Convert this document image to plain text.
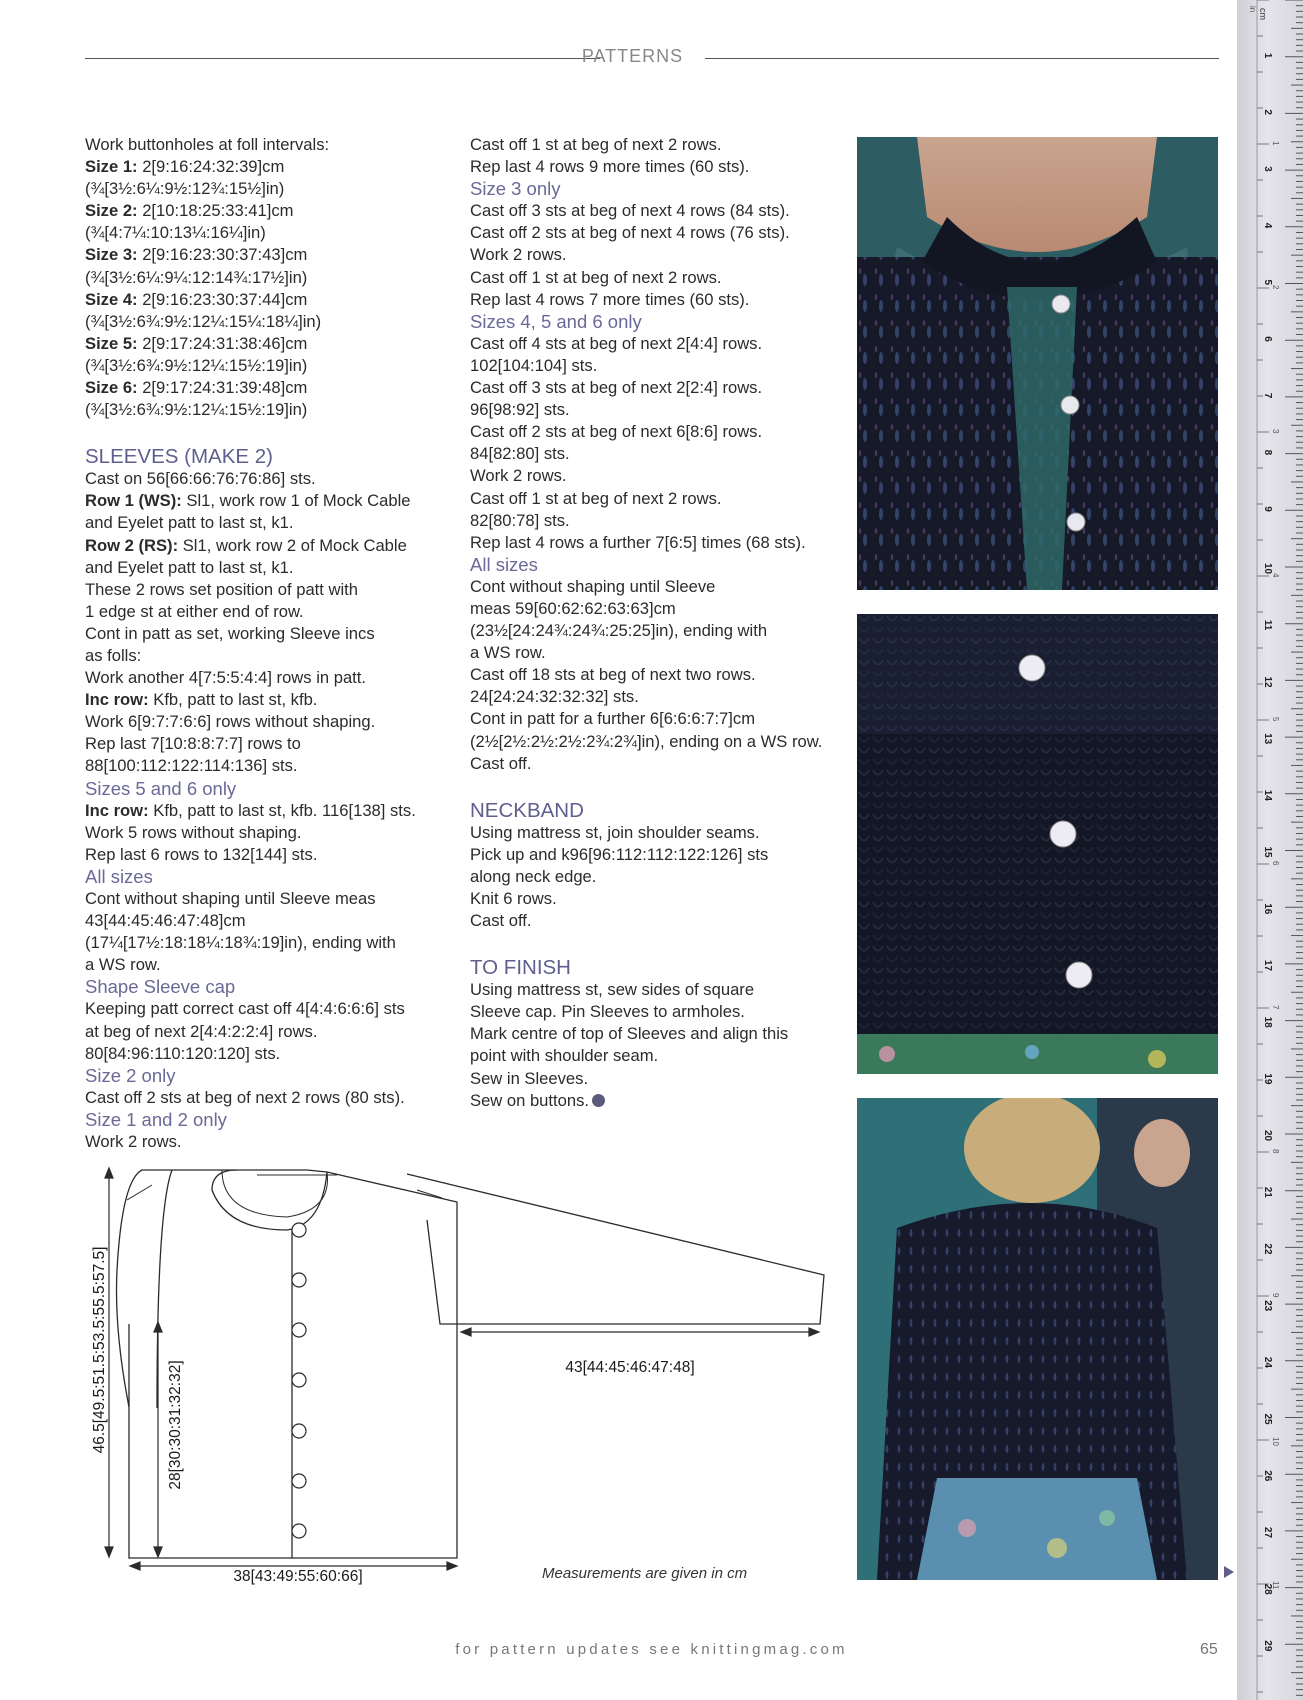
PATTERNS
Work buttonholes at foll intervals:
Size 1: 2[9:16:24:32:39]cm
(¾[3½:6¼:9½:12¾:15½]in)
Size 2: 2[10:18:25:33:41]cm
(¾[4:7¼:10:13¼:16¼]in)
Size 3: 2[9:16:23:30:37:43]cm
(¾[3½:6¼:9¼:12:14¾:17½]in)
Size 4: 2[9:16:23:30:37:44]cm
(¾[3½:6¾:9½:12¼:15¼:18¼]in)
Size 5: 2[9:17:24:31:38:46]cm
(¾[3½:6¾:9½:12¼:15½:19]in)
Size 6: 2[9:17:24:31:39:48]cm
(¾[3½:6¾:9½:12¼:15½:19]in)
SLEEVES (MAKE 2)
Cast on 56[66:66:76:76:86] sts.
Row 1 (WS): Sl1, work row 1 of Mock Cable
and Eyelet patt to last st, k1.
Row 2 (RS): Sl1, work row 2 of Mock Cable
and Eyelet patt to last st, k1.
These 2 rows set position of patt with
1 edge st at either end of row.
Cont in patt as set, working Sleeve incs
as folls:
Work another 4[7:5:5:4:4] rows in patt.
Inc row: Kfb, patt to last st, kfb.
Work 6[9:7:7:6:6] rows without shaping.
Rep last 7[10:8:8:7:7] rows to
88[100:112:122:114:136] sts.
Sizes 5 and 6 only
Inc row: Kfb, patt to last st, kfb. 116[138] sts.
Work 5 rows without shaping.
Rep last 6 rows to 132[144] sts.
All sizes
Cont without shaping until Sleeve meas
43[44:45:46:47:48]cm
(17¼[17½:18:18¼:18¾:19]in), ending with
a WS row.
Shape Sleeve cap
Keeping patt correct cast off 4[4:4:6:6:6] sts
at beg of next 2[4:4:2:2:4] rows.
80[84:96:110:120:120] sts.
Size 2 only
Cast off 2 sts at beg of next 2 rows (80 sts).
Size 1 and 2 only
Work 2 rows.
Cast off 1 st at beg of next 2 rows.
Rep last 4 rows 9 more times (60 sts).
Size 3 only
Cast off 3 sts at beg of next 4 rows (84 sts).
Cast off 2 sts at beg of next 4 rows (76 sts).
Work 2 rows.
Cast off 1 st at beg of next 2 rows.
Rep last 4 rows 7 more times (60 sts).
Sizes 4, 5 and 6 only
Cast off 4 sts at beg of next 2[4:4] rows.
102[104:104] sts.
Cast off 3 sts at beg of next 2[2:4] rows.
96[98:92] sts.
Cast off 2 sts at beg of next 6[8:6] rows.
84[82:80] sts.
Work 2 rows.
Cast off 1 st at beg of next 2 rows.
82[80:78] sts.
Rep last 4 rows a further 7[6:5] times (68 sts).
All sizes
Cont without shaping until Sleeve
meas 59[60:62:62:63:63]cm
(23½[24:24¾:24¾:25:25]in), ending with
a WS row.
Cast off 18 sts at beg of next two rows.
24[24:24:32:32:32] sts.
Cont in patt for a further 6[6:6:6:7:7]cm
(2½[2½:2½:2½:2¾:2¾]in), ending on a WS row.
Cast off.
NECKBAND
Using mattress st, join shoulder seams.
Pick up and k96[96:112:112:122:126] sts
along neck edge.
Knit 6 rows.
Cast off.
TO FINISH
Using mattress st, sew sides of square
Sleeve cap. Pin Sleeves to armholes.
Mark centre of top of Sleeves and align this
point with shoulder seam.
Sew in Sleeves.
Sew on buttons.
cm
in
1
2
3
4
5
6
7
8
9
10
11
12
13
14
15
16
17
18
19
20
21
22
23
24
25
26
27
28
29
1
2
3
4
5
6
7
8
9
10
11
46.5[49.5:51.5:53.5:55.5:57.5]	28[30:30:31:32:32]
38[43:49:55:60:66]
43[44:45:46:47:48]
Measurements are given in cm
for pattern updates see knittingmag.com	65
